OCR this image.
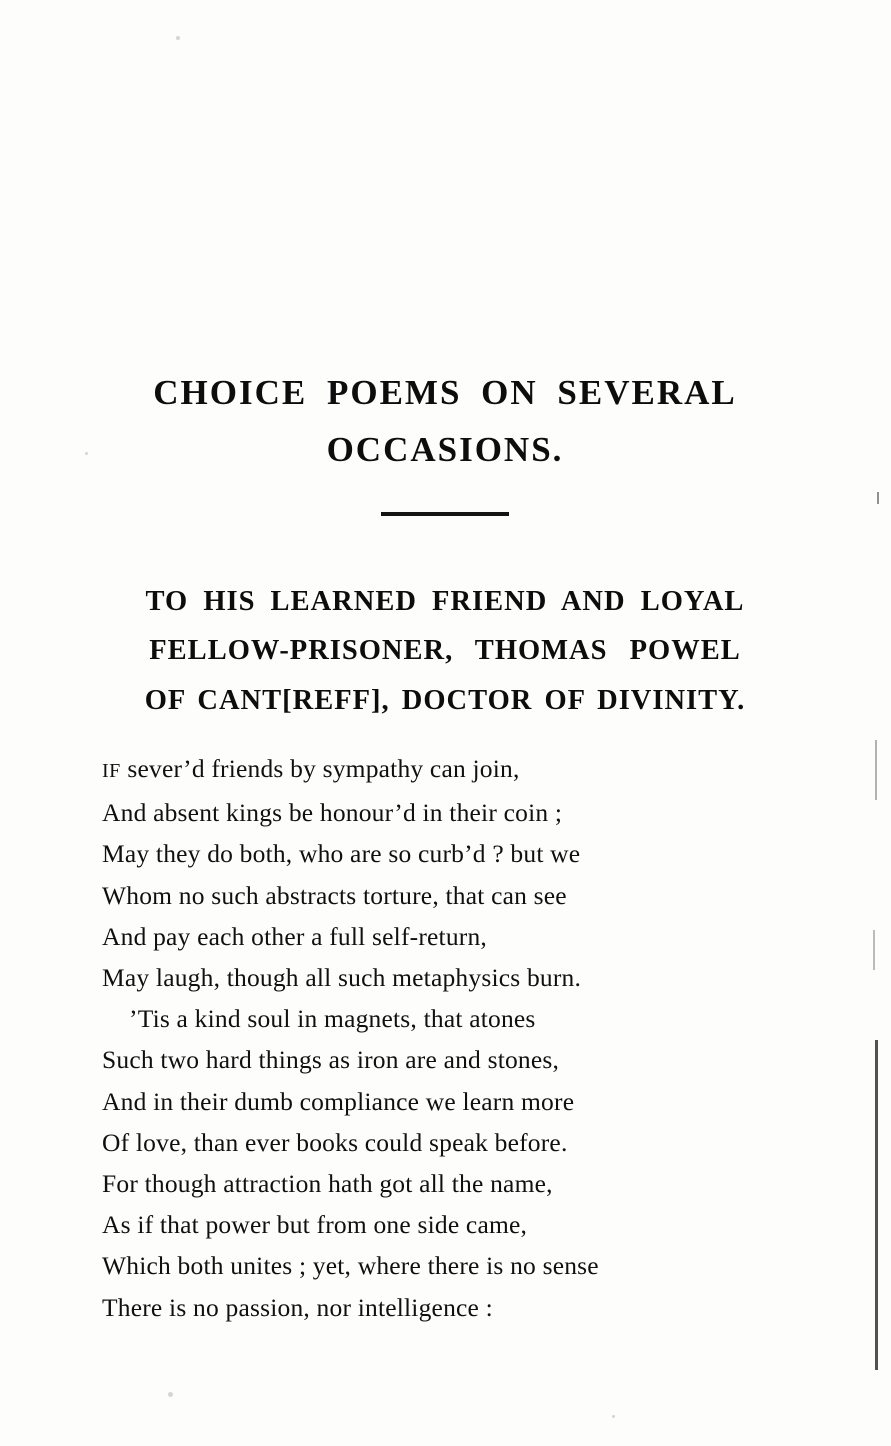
CHOICE POEMS ON SEVERAL
OCCASIONS.
TO HIS LEARNED FRIEND AND LOYAL
FELLOW-PRISONER, THOMAS POWEL
OF CANT[REFF], DOCTOR OF DIVINITY.
IF sever’d friends by sympathy can join,
And absent kings be honour’d in their coin ;
May they do both, who are so curb’d ? but we
Whom no such abstracts torture, that can see
And pay each other a full self-return,
May laugh, though all such metaphysics burn.
’Tis a kind soul in magnets, that atones
Such two hard things as iron are and stones,
And in their dumb compliance we learn more
Of love, than ever books could speak before.
For though attraction hath got all the name,
As if that power but from one side came,
Which both unites ; yet, where there is no sense
There is no passion, nor intelligence :
